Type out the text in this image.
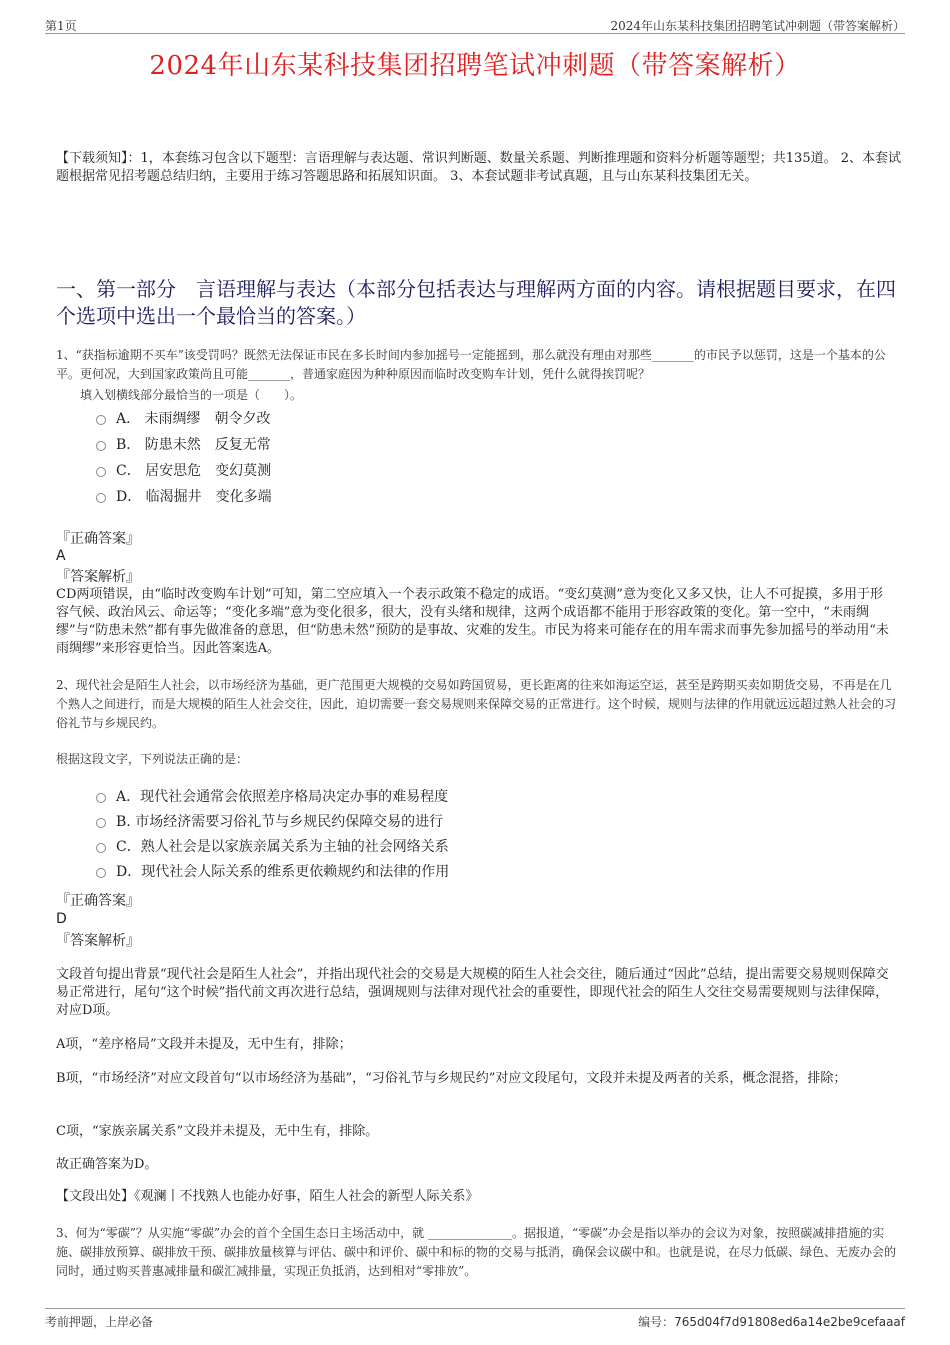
第1页	2024年山东某科技集团招聘笔试冲刺题（带答案解析）
2024年山东某科技集团招聘笔试冲刺题（带答案解析）
【下载须知】：1，本套练习包含以下题型：言语理解与表达题、常识判断题、数量关系题、判断推理题和资料分析题等题型；共135道。 2、本套试题根据常见招考题总结归纳，主要用于练习答题思路和拓展知识面。 3、本套试题非考试真题，且与山东某科技集团无关。
一、第一部分　言语理解与表达（本部分包括表达与理解两方面的内容。请根据题目要求，在四个选项中选出一个最恰当的答案。）
1、“获指标逾期不买车”该受罚吗？既然无法保证市民在多长时间内参加摇号一定能摇到，那么就没有理由对那些_______的市民予以惩罚，这是一个基本的公平。更何况，大到国家政策尚且可能_______，普通家庭因为种种原因而临时改变购车计划，凭什么就得挨罚呢？
填入划横线部分最恰当的一项是（　　）。
A． 未雨绸缪　朝令夕改
B． 防患未然　反复无常
C． 居安思危　变幻莫测
D． 临渴掘井　变化多端
『正确答案』
A
『答案解析』
CD两项错误，由“临时改变购车计划”可知，第二空应填入一个表示政策不稳定的成语。“变幻莫测”意为变化又多又快，让人不可捉摸，多用于形容气候、政治风云、命运等；“变化多端”意为变化很多，很大，没有头绪和规律，这两个成语都不能用于形容政策的变化。第一空中，“未雨绸缪”与“防患未然”都有事先做准备的意思，但“防患未然”预防的是事故、灾难的发生。市民为将来可能存在的用车需求而事先参加摇号的举动用“未雨绸缪”来形容更恰当。因此答案选A。
2、现代社会是陌生人社会，以市场经济为基础，更广范围更大规模的交易如跨国贸易，更长距离的往来如海运空运，甚至是跨期买卖如期货交易，不再是在几个熟人之间进行，而是大规模的陌生人社会交往，因此，迫切需要一套交易规则来保障交易的正常进行。这个时候，规则与法律的作用就远远超过熟人社会的习俗礼节与乡规民约。
根据这段文字，下列说法正确的是：
A．现代社会通常会依照差序格局决定办事的难易程度
B. 市场经济需要习俗礼节与乡规民约保障交易的进行
C．熟人社会是以家族亲属关系为主轴的社会网络关系
D．现代社会人际关系的维系更依赖规约和法律的作用
『正确答案』
D
『答案解析』
文段首句提出背景“现代社会是陌生人社会”，并指出现代社会的交易是大规模的陌生人社会交往，随后通过“因此”总结，提出需要交易规则保障交易正常进行，尾句“这个时候”指代前文再次进行总结，强调规则与法律对现代社会的重要性，即现代社会的陌生人交往交易需要规则与法律保障，对应D项。
A项，“差序格局”文段并未提及，无中生有，排除；
B项，“市场经济”对应文段首句“以市场经济为基础”，“习俗礼节与乡规民约”对应文段尾句，文段并未提及两者的关系，概念混搭，排除；
C项，“家族亲属关系”文段并未提及，无中生有，排除。
故正确答案为D。
【文段出处】《观澜丨不找熟人也能办好事，陌生人社会的新型人际关系》
3、何为“零碳”？从实施“零碳”办会的首个全国生态日主场活动中，就 ______________。据报道，“零碳”办会是指以举办的会议为对象，按照碳减排措施的实施、碳排放预算、碳排放干预、碳排放量核算与评估、碳中和评价、碳中和标的物的交易与抵消，确保会议碳中和。也就是说，在尽力低碳、绿色、无废办会的同时，通过购买普惠减排量和碳汇减排量，实现正负抵消，达到相对“零排放”。
考前押题，上岸必备	编号：765d04f7d91808ed6a14e2be9cefaaaf
